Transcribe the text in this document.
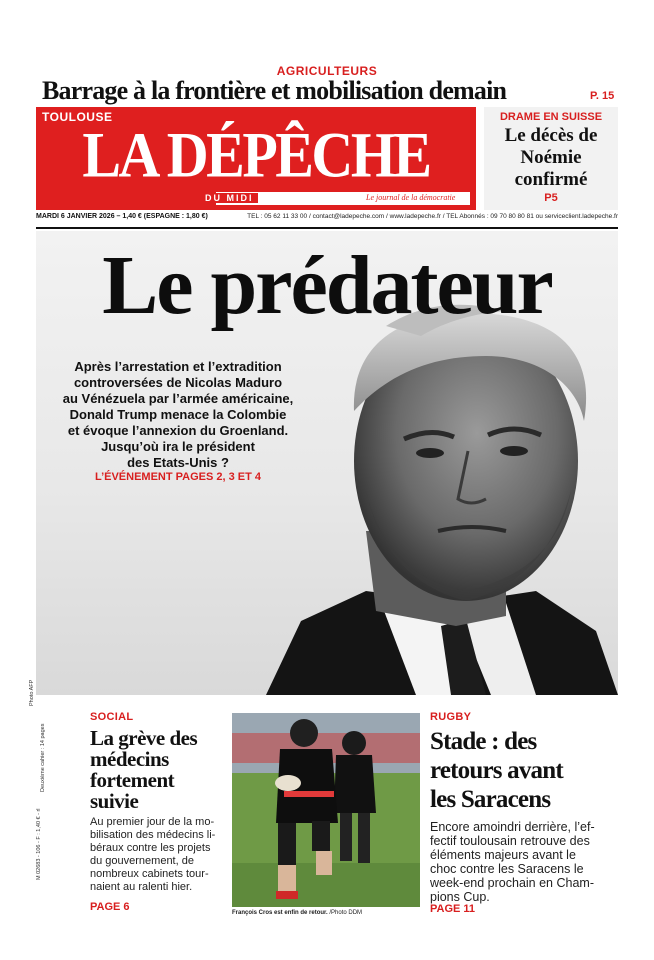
AGRICULTEURS
Barrage à la frontière et mobilisation demain	P. 15
TOULOUSE
LA DÉPÊCHE
DU MIDI	Le journal de la démocratie
DRAME EN SUISSE
Le décès de Noémie confirmé
P5
MARDI 6 JANVIER 2026 – 1,40 € (ESPAGNE : 1,80 €)	TEL : 05 62 11 33 00 / contact@ladepeche.com / www.ladepeche.fr / TEL Abonnés : 09 70 80 80 81 ou serviceclient.ladepeche.fr
Le prédateur
Après l’arrestation et l’extradition
controversées de Nicolas Maduro
au Vénézuela par l’armée américaine,
Donald Trump menace la Colombie
et évoque l’annexion du Groenland.
Jusqu’où ira le président
des Etats-Unis ?
L’ÉVÉNEMENT PAGES 2, 3 ET 4
Photo AFP
Deuxième cahier : 14 pages
M 02683 - 106 - F : 1,40 € - rl
SOCIAL
La grève des
médecins
fortement
suivie
Au premier jour de la mo-
bilisation des médecins li-
béraux contre les projets
du gouvernement, de
nombreux cabinets tour-
naient au ralenti hier.
PAGE 6	François Cros est enfin de retour. /Photo DDM
RUGBY
Stade : des
retours avant
les Saracens
Encore amoindri derrière, l’ef-
fectif toulousain retrouve des
éléments majeurs avant le
choc contre les Saracens le
week-end prochain en Cham-
pions Cup.
PAGE 11
